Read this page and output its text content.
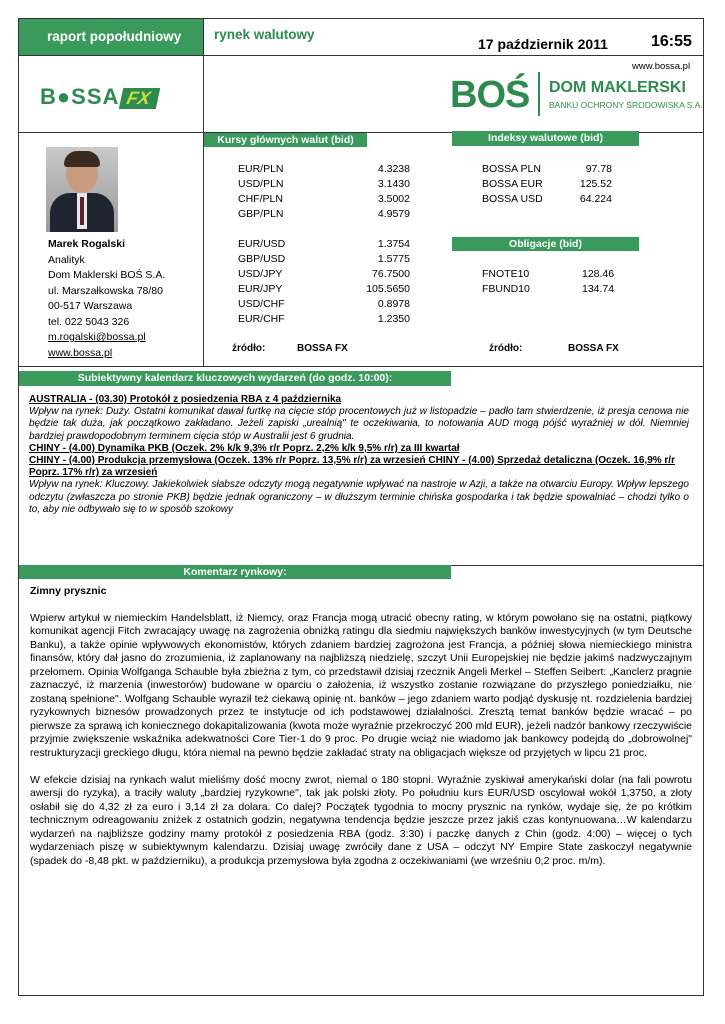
raport popołudniowy	rynek walutowy
17 październik 2011	16:55
www.bossa.pl
B●SSA FX	BOŚ DOM MAKLERSKI
BANKU OCHRONY ŚRODOWISKA S.A.
Marek Rogalski
Analityk
Dom Maklerski BOŚ S.A.
ul. Marszałkowska 78/80
00-517 Warszawa
tel. 022 5043 326
m.rogalski@bossa.pl
www.bossa.pl
Kursy głównych walut (bid)
EUR/PLN	4.3238
USD/PLN	3.1430
CHF/PLN	3.5002
GBP/PLN	4.9579
EUR/USD	1.3754
GBP/USD	1.5775
USD/JPY	76.7500
EUR/JPY	105.5650
USD/CHF	0.8978
EUR/CHF	1.2350
źródło:	BOSSA FX
Indeksy walutowe (bid)
BOSSA PLN	97.78
BOSSA EUR	125.52
BOSSA USD	64.224
Obligacje (bid)
FNOTE10	128.46
FBUND10	134.74
źródło:	BOSSA FX
Subiektywny kalendarz kluczowych wydarzeń (do godz. 10:00):
AUSTRALIA - (03.30) Protokół z posiedzenia RBA z 4 października
Wpływ na rynek: Duży. Ostatni komunikat dawał furtkę na cięcie stóp procentowych już w listopadzie – padło tam stwierdzenie, iż presja cenowa nie będzie tak duża, jak początkowo zakładano. Jeżeli zapiski „urealnią" te oczekiwania, to notowania AUD mogą pójść wyraźniej w dół. Niemniej bardziej prawdopodobnym terminem cięcia stóp w Australii jest 6 grudnia.
CHINY - (4.00) Dynamika PKB (Oczek. 2% k/k 9,3% r/r Poprz. 2,2% k/k 9,5% r/r) za III kwartał
CHINY - (4.00) Produkcja przemysłowa (Oczek. 13% r/r Poprz. 13,5% r/r) za wrzesień CHINY - (4.00) Sprzedaż detaliczna (Oczek. 16,9% r/r Poprz. 17% r/r) za wrzesień
Wpływ na rynek: Kluczowy. Jakiekolwiek słabsze odczyty mogą negatywnie wpływać na nastroje w Azji, a także na otwarciu Europy. Wpływ lepszego odczytu (zwłaszcza po stronie PKB) będzie jednak ograniczony – w dłuższym terminie chińska gospodarka i tak będzie spowalniać – chodzi tylko o to, aby nie odbywało się to w sposób szokowy
Komentarz rynkowy:

Zimny prysznic

Wpierw artykuł w niemieckim Handelsblatt, iż Niemcy, oraz Francja mogą utracić obecny rating, w którym powołano się na ostatni, piątkowy komunikat agencji Fitch zwracający uwagę na zagrożenia obniżką ratingu dla siedmiu największych banków inwestycyjnych (w tym Deutsche Banku), a także opinie wpływowych ekonomistów, których zdaniem bardziej zagrożona jest Francja, a później słowa niemieckiego ministra finansów, który dał jasno do zrozumienia, iż zaplanowany na najbliższą niedzielę, szczyt Unii Europejskiej nie będzie jakimś nadzwyczajnym przełomem. Opinia Wolfganga Schauble była zbieżna z tym, co przedstawił dzisiaj rzecznik Angeli Merkel – Steffen Seibert: „Kanclerz pragnie zaznaczyć, iż marzenia (inwestorów) budowane w oparciu o założenia, iż wszystko zostanie rozwiązane do przyszłego poniedziałku, nie zostaną spełnione". Wolfgang Schauble wyraził też ciekawą opinię nt. banków – jego zdaniem warto podjąć dyskusję nt. rozdzielenia bardziej ryzykownych biznesów prowadzonych przez te instytucje od ich podstawowej działalności. Zresztą temat banków będzie wracać – po pierwsze za sprawą ich koniecznego dokapitalizowania (kwota może wyraźnie przekroczyć 200 mld EUR), jeżeli nadzór bankowy rzeczywiście przyjmie zwiększenie wskaźnika adekwatności Core Tier-1 do 9 proc. Po drugie wciąż nie wiadomo jak bankowcy podejdą do „dobrowolnej" restrukturyzacji greckiego długu, która niemal na pewno będzie zakładać straty na obligacjach większe od przyjętych w lipcu 21 proc.

W efekcie dzisiaj na rynkach walut mieliśmy dość mocny zwrot, niemal o 180 stopni. Wyraźnie zyskiwał amerykański dolar (na fali powrotu awersji do ryzyka), a traciły waluty „bardziej ryzykowne", tak jak polski złoty. Po południu kurs EUR/USD oscylował wokół 1,3750, a złoty osłabił się do 4,32 zł za euro i 3,14 zł za dolara. Co dalej? Początek tygodnia to mocny prysznic na rynków, wydaje się, że po krótkim technicznym odreagowaniu zniżek z ostatnich godzin, negatywna tendencja będzie jeszcze przez jakiś czas kontynuowana…W kalendarzu wydarzeń na najbliższe godziny mamy protokół z posiedzenia RBA (godz. 3:30) i paczkę danych z Chin (godz. 4:00) – więcej o tych wydarzeniach piszę w subiektywnym kalendarzu. Dzisiaj uwagę zwróciły dane z USA – odczyt NY Empire State zaskoczył negatywnie (spadek do -8,48 pkt. w październiku), a produkcja przemysłowa była zgodna z oczekiwaniami (we wrześniu 0,2 proc. m/m).
